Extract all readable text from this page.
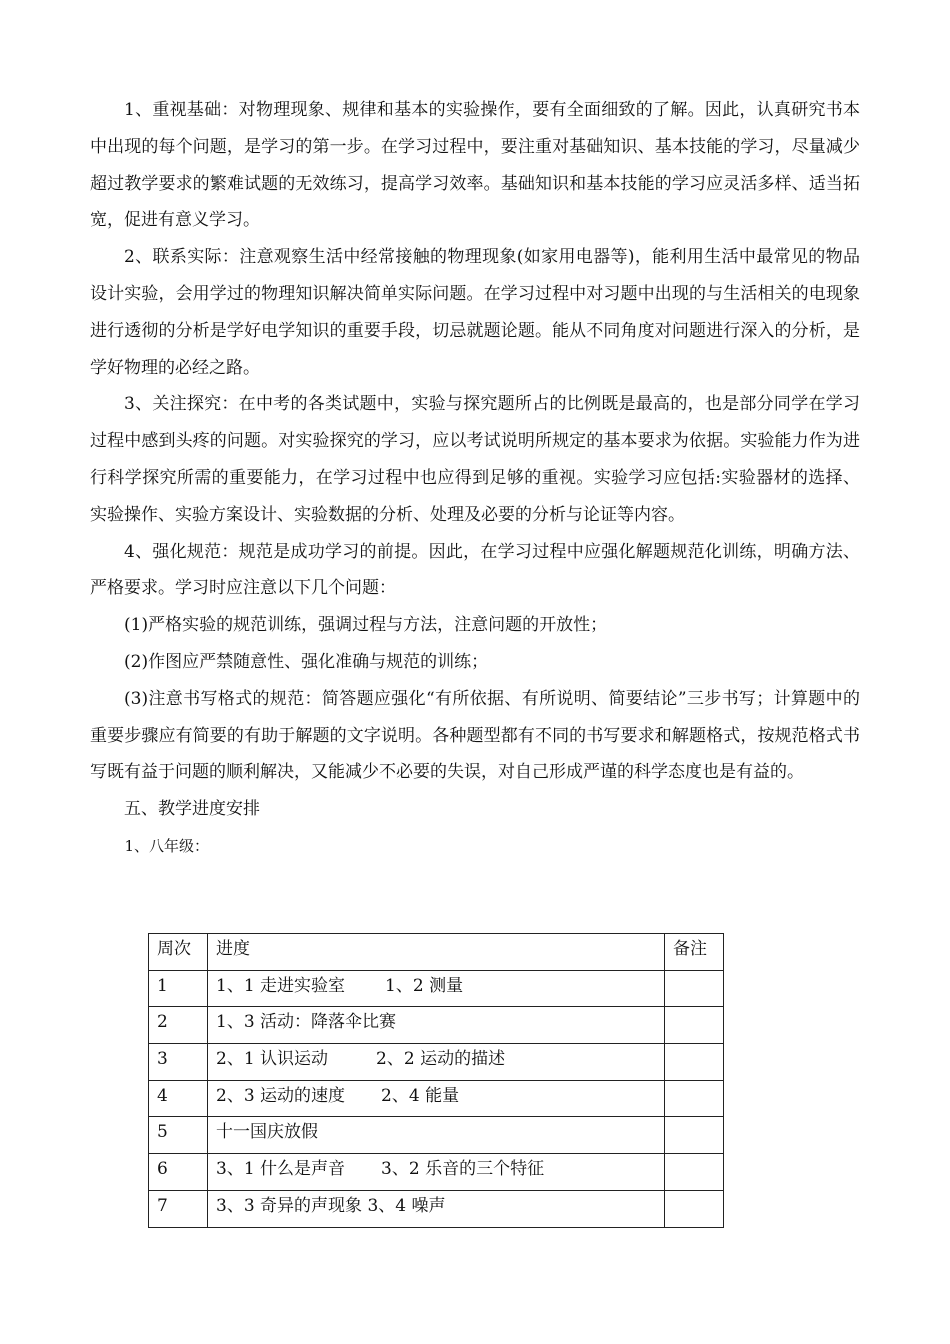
1、重视基础：对物理现象、规律和基本的实验操作，要有全面细致的了解。因此，认真研究书本中出现的每个问题，是学习的第一步。在学习过程中，要注重对基础知识、基本技能的学习，尽量减少超过教学要求的繁难试题的无效练习，提高学习效率。基础知识和基本技能的学习应灵活多样、适当拓宽，促进有意义学习。

2、联系实际：注意观察生活中经常接触的物理现象(如家用电器等)，能利用生活中最常见的物品设计实验，会用学过的物理知识解决简单实际问题。在学习过程中对习题中出现的与生活相关的电现象进行透彻的分析是学好电学知识的重要手段，切忌就题论题。能从不同角度对问题进行深入的分析，是学好物理的必经之路。

3、关注探究：在中考的各类试题中，实验与探究题所占的比例既是最高的，也是部分同学在学习过程中感到头疼的问题。对实验探究的学习，应以考试说明所规定的基本要求为依据。实验能力作为进行科学探究所需的重要能力，在学习过程中也应得到足够的重视。实验学习应包括:实验器材的选择、实验操作、实验方案设计、实验数据的分析、处理及必要的分析与论证等内容。

4、强化规范：规范是成功学习的前提。因此，在学习过程中应强化解题规范化训练，明确方法、严格要求。学习时应注意以下几个问题：

(1)严格实验的规范训练，强调过程与方法，注意问题的开放性；

(2)作图应严禁随意性、强化准确与规范的训练；

(3)注意书写格式的规范：简答题应强化“有所依据、有所说明、简要结论”三步书写；计算题中的重要步骤应有简要的有助于解题的文字说明。各种题型都有不同的书写要求和解题格式，按规范格式书写既有益于问题的顺利解决，又能减少不必要的失误，对自己形成严谨的科学态度也是有益的。

五、教学进度安排

1、八年级：

周次	进度	备注
1	1、1 走进实验室 1、2 测量	
2	1、3 活动：降落伞比赛	
3	2、1 认识运动 2、2 运动的描述	
4	2、3 运动的速度 2、4 能量	
5	十一国庆放假	
6	3、1 什么是声音 3、2 乐音的三个特征	
7	3、3 奇异的声现象 3、4 噪声	
